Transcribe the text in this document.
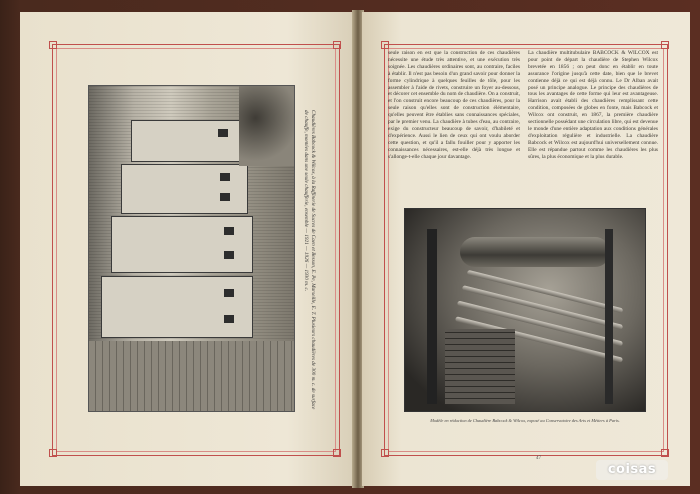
Chaudières Babcock & Wilcox, à la Raffinerie de Sucres de Caen et Besson, E. Pe, Marseille, E. T. Plusieurs chaudières de 300 m. c. de surface de chauffe, montées dans une seule chaufferie, ensemble — 1921 — 1926 — 1930 m. c.
seule raison en est que la construction de ces chaudières nécessite une étude très attentive, et une exécution très soignée. Les chaudières ordinaires sont, au contraire, faciles à établir. Il n'est pas besoin d'un grand savoir pour donner la forme cylindrique à quelques feuilles de tôle, pour les assembler à l'aide de rivets, construire un foyer au-dessous, et décorer cet ensemble du nom de chaudière. On a construit, et l'on construit encore beaucoup de ces chaudières, pour la seule raison qu'elles sont de construction élémentaire, qu'elles peuvent être établies sans connaissances spéciales, par le premier venu. La chaudière à tubes d'eau, au contraire, exige du constructeur beaucoup de savoir, d'habileté et d'expérience. Aussi le lien de ceux qui ont voulu aborder cette question, et qu'il a fallu fouiller pour y apporter les connaissances nécessaires, est-elle déjà très longue et s'allonge-t-elle chaque jour davantage.
La chaudière multitubulaire BABCOCK & WILCOX est pour point de départ la chaudière de Stephen Wilcox brevetée en 1856 ; on peut donc en établir en toute assurance l'origine jusqu'à cette date, bien que le brevet contienne déjà ce qui est déjà connu. Le Dr Alban avait posé un principe analogue. Le principe des chaudières de tous les avantages de cette forme qui leur est avantageuse. Harrison avait établi des chaudières remplissant cette condition, composées de globes en fonte, mais Babcock et Wilcox ont construit, en 1867, la première chaudière sectionnelle possédant une circulation libre, qui est devenue le monde d'une entière adaptation aux conditions générales d'exploitation régulière et industrielle. La chaudière Babcock et Wilcox est aujourd'hui universellement connue. Elle est répandue partout comme les chaudières les plus sûres, la plus économique et la plus durable.
Modèle en réduction de Chaudière Babcock & Wilcox, exposé au Conservatoire des Arts et Métiers à Paris.
47
coisas
